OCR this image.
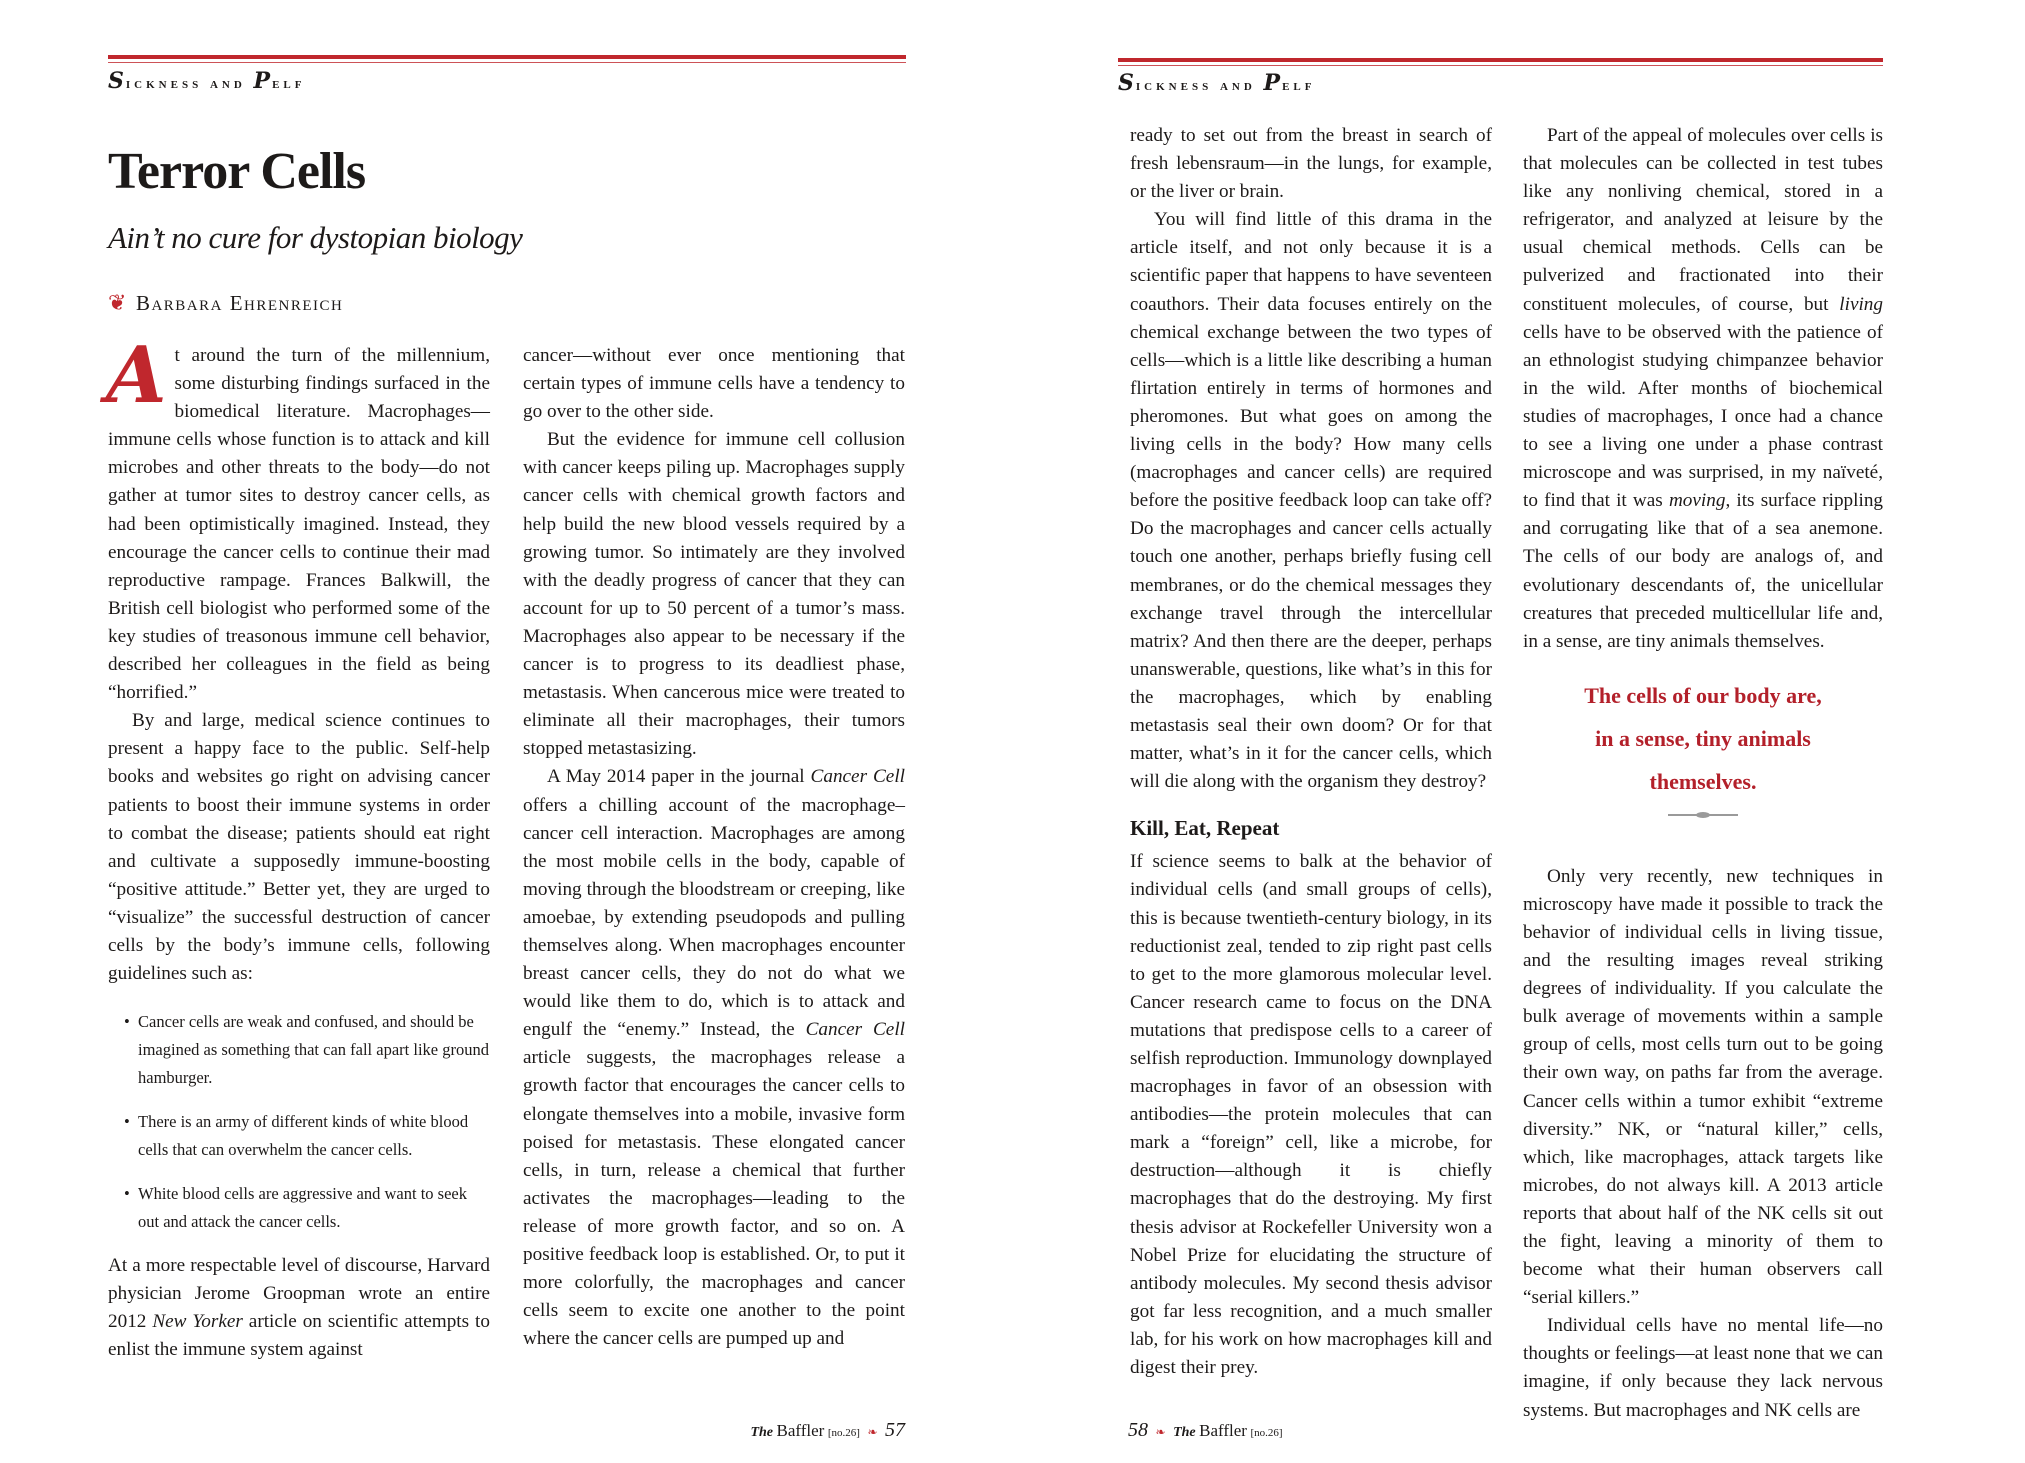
Sickness and Pelf
Terror Cells
Ain’t no cure for dystopian biology
❦ Barbara Ehrenreich

At around the turn of the millennium, some disturbing findings surfaced in the biomedical literature. Macrophages—immune cells whose function is to attack and kill microbes and other threats to the body—do not gather at tumor sites to destroy cancer cells, as had been optimistically imagined. Instead, they encourage the cancer cells to continue their mad reproductive rampage. Frances Balkwill, the British cell biologist who performed some of the key studies of treasonous immune cell behavior, described her colleagues in the field as being “horrified.”

By and large, medical science continues to present a happy face to the public. Self-help books and websites go right on advising cancer patients to boost their immune systems in order to combat the disease; patients should eat right and cultivate a supposedly immune-boosting “positive attitude.” Better yet, they are urged to “visualize” the successful destruction of cancer cells by the body’s immune cells, following guidelines such as:

• Cancer cells are weak and confused, and should be imagined as something that can fall apart like ground hamburger.
• There is an army of different kinds of white blood cells that can overwhelm the cancer cells.
• White blood cells are aggressive and want to seek out and attack the cancer cells.

At a more respectable level of discourse, Harvard physician Jerome Groopman wrote an entire 2012 New Yorker article on scientific attempts to enlist the immune system against

cancer—without ever once mentioning that certain types of immune cells have a tendency to go over to the other side.

But the evidence for immune cell collusion with cancer keeps piling up. Macrophages supply cancer cells with chemical growth factors and help build the new blood vessels required by a growing tumor. So intimately are they involved with the deadly progress of cancer that they can account for up to 50 percent of a tumor’s mass. Macrophages also appear to be necessary if the cancer is to progress to its deadliest phase, metastasis. When cancerous mice were treated to eliminate all their macrophages, their tumors stopped metastasizing.

A May 2014 paper in the journal Cancer Cell offers a chilling account of the macrophage–cancer cell interaction. Macrophages are among the most mobile cells in the body, capable of moving through the bloodstream or creeping, like amoebae, by extending pseudopods and pulling themselves along. When macrophages encounter breast cancer cells, they do not do what we would like them to do, which is to attack and engulf the “enemy.” Instead, the Cancer Cell article suggests, the macrophages release a growth factor that encourages the cancer cells to elongate themselves into a mobile, invasive form poised for metastasis. These elongated cancer cells, in turn, release a chemical that further activates the macrophages—leading to the release of more growth factor, and so on. A positive feedback loop is established. Or, to put it more colorfully, the macrophages and cancer cells seem to excite one another to the point where the cancer cells are pumped up and

The Baffler [no.26] ❧ 57
Sickness and Pelf

ready to set out from the breast in search of fresh lebensraum—in the lungs, for example, or the liver or brain.

You will find little of this drama in the article itself, and not only because it is a scientific paper that happens to have seventeen coauthors. Their data focuses entirely on the chemical exchange between the two types of cells—which is a little like describing a human flirtation entirely in terms of hormones and pheromones. But what goes on among the living cells in the body? How many cells (macrophages and cancer cells) are required before the positive feedback loop can take off? Do the macrophages and cancer cells actually touch one another, perhaps briefly fusing cell membranes, or do the chemical messages they exchange travel through the intercellular matrix? And then there are the deeper, perhaps unanswerable, questions, like what’s in this for the macrophages, which by enabling metastasis seal their own doom? Or for that matter, what’s in it for the cancer cells, which will die along with the organism they destroy?

Kill, Eat, Repeat

If science seems to balk at the behavior of individual cells (and small groups of cells), this is because twentieth-century biology, in its reductionist zeal, tended to zip right past cells to get to the more glamorous molecular level. Cancer research came to focus on the DNA mutations that predispose cells to a career of selfish reproduction. Immunology downplayed macrophages in favor of an obsession with antibodies—the protein molecules that can mark a “foreign” cell, like a microbe, for destruction—although it is chiefly macrophages that do the destroying. My first thesis advisor at Rockefeller University won a Nobel Prize for elucidating the structure of antibody molecules. My second thesis advisor got far less recognition, and a much smaller lab, for his work on how macrophages kill and digest their prey.

Part of the appeal of molecules over cells is that molecules can be collected in test tubes like any nonliving chemical, stored in a refrigerator, and analyzed at leisure by the usual chemical methods. Cells can be pulverized and fractionated into their constituent molecules, of course, but living cells have to be observed with the patience of an ethnologist studying chimpanzee behavior in the wild. After months of biochemical studies of macrophages, I once had a chance to see a living one under a phase contrast microscope and was surprised, in my naïveté, to find that it was moving, its surface rippling and corrugating like that of a sea anemone. The cells of our body are analogs of, and evolutionary descendants of, the unicellular creatures that preceded multicellular life and, in a sense, are tiny animals themselves.

The cells of our body are,
in a sense, tiny animals
themselves.

Only very recently, new techniques in microscopy have made it possible to track the behavior of individual cells in living tissue, and the resulting images reveal striking degrees of individuality. If you calculate the bulk average of movements within a sample group of cells, most cells turn out to be going their own way, on paths far from the average. Cancer cells within a tumor exhibit “extreme diversity.” NK, or “natural killer,” cells, which, like macrophages, attack targets like microbes, do not always kill. A 2013 article reports that about half of the NK cells sit out the fight, leaving a minority of them to become what their human observers call “serial killers.”

Individual cells have no mental life—no thoughts or feelings—at least none that we can imagine, if only because they lack nervous systems. But macrophages and NK cells are

58 ❧ The Baffler [no.26]
